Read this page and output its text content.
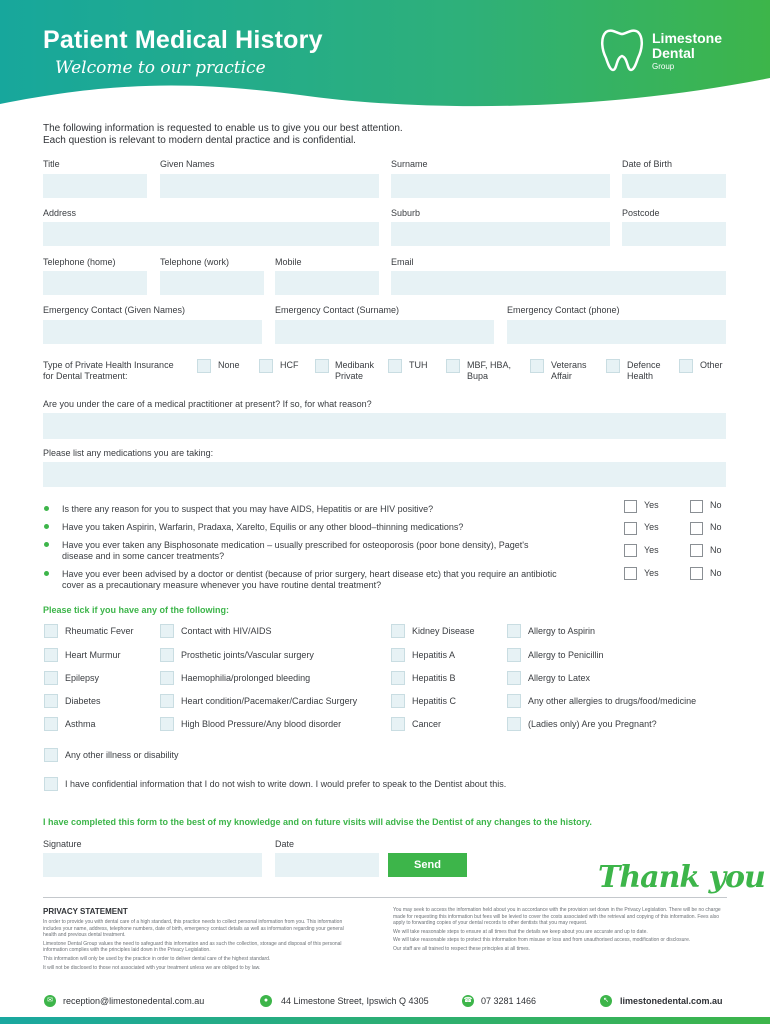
Patient Medical History
Welcome to our practice
Limestone
Dental
Group
The following information is requested to enable us to give you our best attention.
Each question is relevant to modern dental practice and is confidential.
Title	Given Names	Surname	Date of Birth
Address	Suburb	Postcode
Telephone (home)	Telephone (work)	Mobile	Email
Emergency Contact (Given Names)	Emergency Contact (Surname)	Emergency Contact (phone)
Type of Private Health Insurance
for Dental Treatment:
None	HCF	Medibank
Private
TUH	MBF, HBA,
Bupa
Veterans
Affair
Defence
Health
Other
Are you under the care of a medical practitioner at present? If so, for what reason?
Please list any medications you are taking:
Is there any reason for you to suspect that you may have AIDS, Hepatitis or are HIV positive?	Yes	No
Have you taken Aspirin, Warfarin, Pradaxa, Xarelto, Equilis or any other blood–thinning medications?	Yes	No
Have you ever taken any Bisphosonate medication – usually prescribed for osteoporosis (poor bone density), Paget's
disease and in some cancer treatments?
Yes	No
Have you ever been advised by a doctor or dentist (because of prior surgery, heart disease etc) that you require an antibiotic
cover as a precautionary measure whenever you have routine dental treatment?
Yes	No
Please tick if you have any of the following:
Rheumatic Fever	Contact with HIV/AIDS	Kidney Disease	Allergy to Aspirin
Heart Murmur	Prosthetic joints/Vascular surgery	Hepatitis A	Allergy to Penicillin
Epilepsy	Haemophilia/prolonged bleeding	Hepatitis B	Allergy to Latex
Diabetes	Heart condition/Pacemaker/Cardiac Surgery	Hepatitis C	Any other allergies to drugs/food/medicine
Asthma	High Blood Pressure/Any blood disorder	Cancer	(Ladies only) Are you Pregnant?
Any other illness or disability
I have confidential information that I do not wish to write down. I would prefer to speak to the Dentist about this.
I have completed this form to the best of my knowledge and on future visits will advise the Dentist of any changes to the history.
Signature	Date
Send	Thank you
PRIVACY STATEMENT
In order to provide you with dental care of a high standard, this practice needs to collect personal information from you. This information includes your name, address, telephone numbers, date of birth, emergency contact details as well as information regarding your general health and previous dental treatment.
Limestone Dental Group values the need to safeguard this information and as such the collection, storage and disposal of this personal information complies with the principles laid down in the Privacy Legislation.
This information will only be used by the practice in order to deliver dental care of the highest standard.
It will not be disclosed to those not associated with your treatment unless we are obliged to by law.
You may seek to access the information held about you in accordance with the provision set down in the Privacy Legislation. There will be no charge made for requesting this information but fees will be levied to cover the costs associated with the retrieval and copying of this information. Fees also apply to forwarding copies of your dental records to other dentists that you may request.
We will take reasonable steps to ensure at all times that the details we keep about you are accurate and up to date.
We will take reasonable steps to protect this information from misuse or loss and from unauthorised access, modification or disclosure.
Our staff are all trained to respect these principles at all times.
✉	reception@limestonedental.com.au	●	44 Limestone Street, Ipswich Q 4305	☎ 07 3281 1466	↖	limestonedental.com.au
